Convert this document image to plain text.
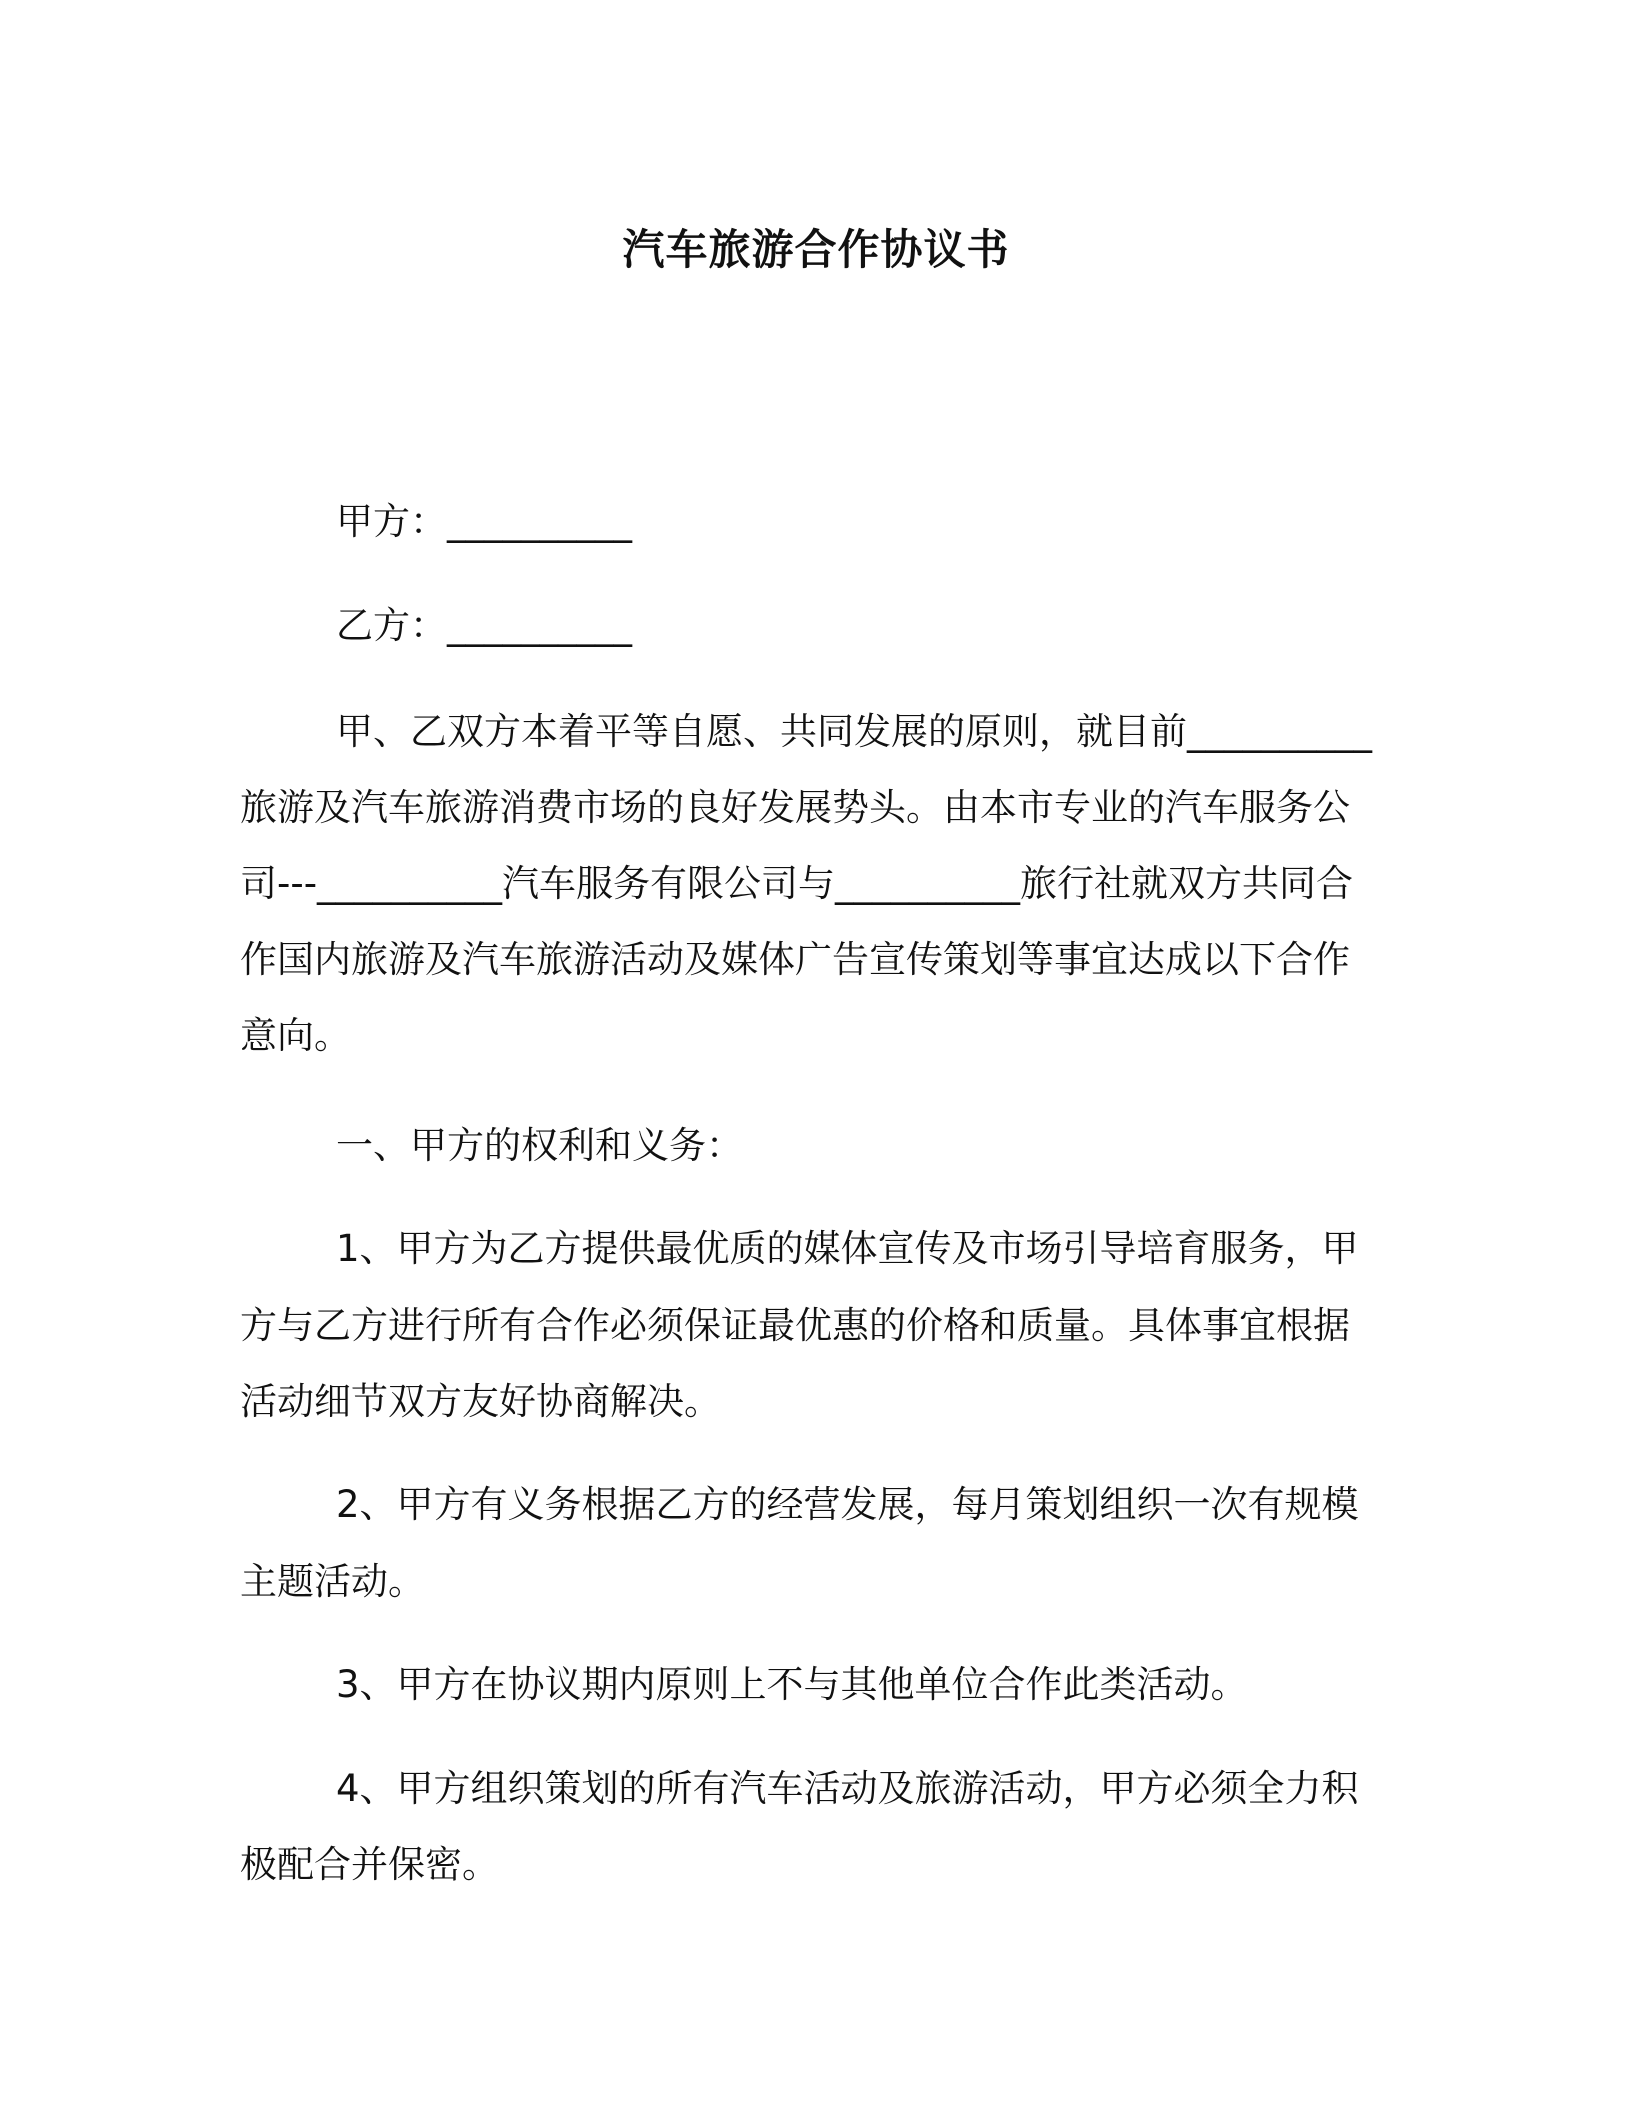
汽车旅游合作协议书
甲方：__________
乙方：__________
甲、乙双方本着平等自愿、共同发展的原则，就目前__________
旅游及汽车旅游消费市场的良好发展势头。由本市专业的汽车服务公
司---__________汽车服务有限公司与__________旅行社就双方共同合
作国内旅游及汽车旅游活动及媒体广告宣传策划等事宜达成以下合作
意向。
一、甲方的权利和义务：
1、甲方为乙方提供最优质的媒体宣传及市场引导培育服务，甲
方与乙方进行所有合作必须保证最优惠的价格和质量。具体事宜根据
活动细节双方友好协商解决。
2、甲方有义务根据乙方的经营发展，每月策划组织一次有规模
主题活动。
3、甲方在协议期内原则上不与其他单位合作此类活动。
4、甲方组织策划的所有汽车活动及旅游活动，甲方必须全力积
极配合并保密。
